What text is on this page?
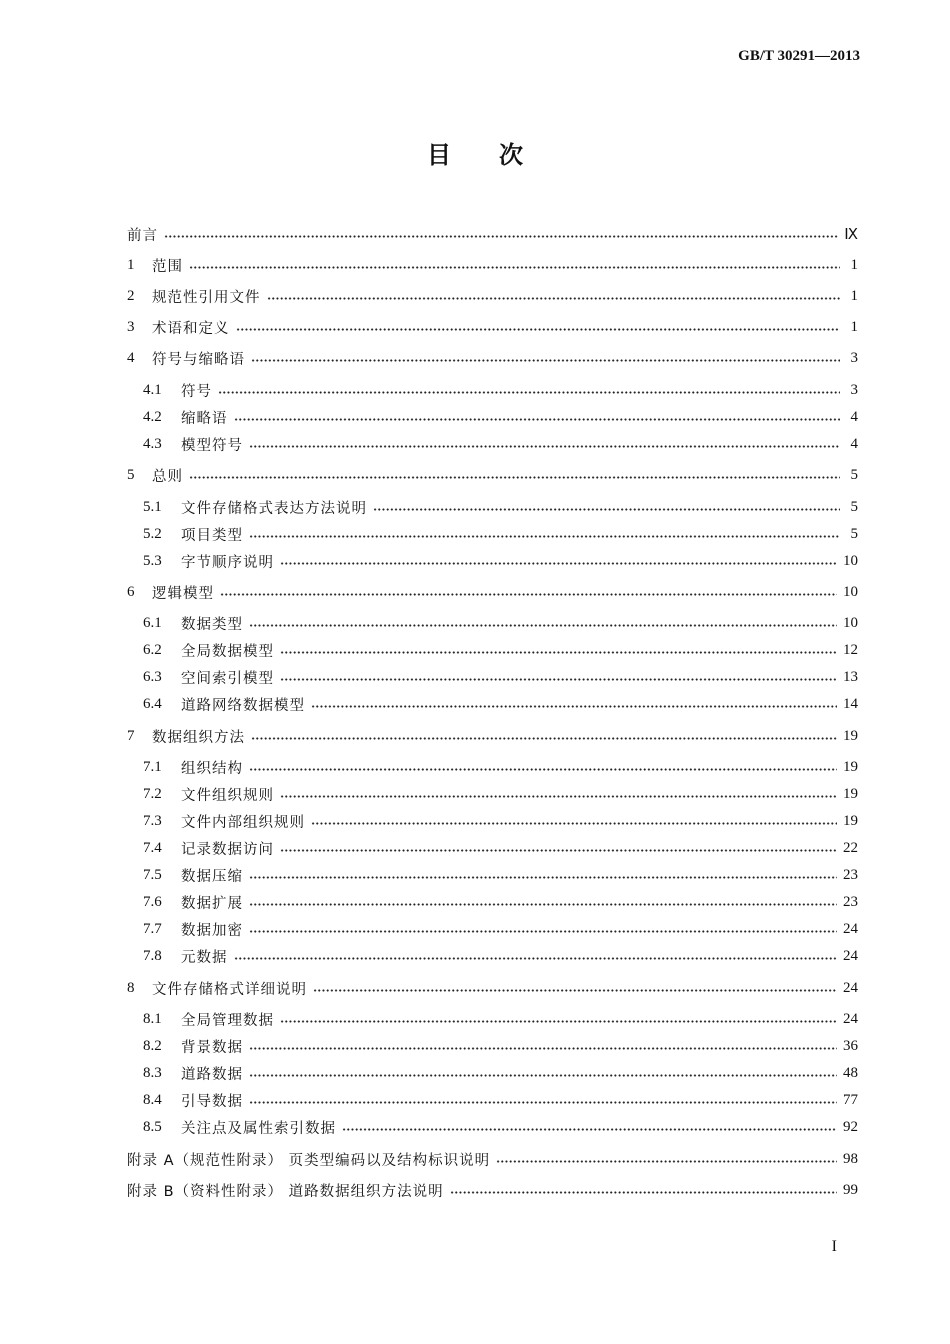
GB/T 30291—2013
目次
前言	Ⅸ
1	范围	1
2	规范性引用文件	1
3	术语和定义	1
4	符号与缩略语	3
4.1	符号	3
4.2	缩略语	4
4.3	模型符号	4
5	总则	5
5.1	文件存储格式表达方法说明	5
5.2	项目类型	5
5.3	字节顺序说明	10
6	逻辑模型	10
6.1	数据类型	10
6.2	全局数据模型	12
6.3	空间索引模型	13
6.4	道路网络数据模型	14
7	数据组织方法	19
7.1	组织结构	19
7.2	文件组织规则	19
7.3	文件内部组织规则	19
7.4	记录数据访问	22
7.5	数据压缩	23
7.6	数据扩展	23
7.7	数据加密	24
7.8	元数据	24
8	文件存储格式详细说明	24
8.1	全局管理数据	24
8.2	背景数据	36
8.3	道路数据	48
8.4	引导数据	77
8.5	关注点及属性索引数据	92
附录 A（规范性附录） 页类型编码以及结构标识说明	98
附录 B（资料性附录） 道路数据组织方法说明	99
I
